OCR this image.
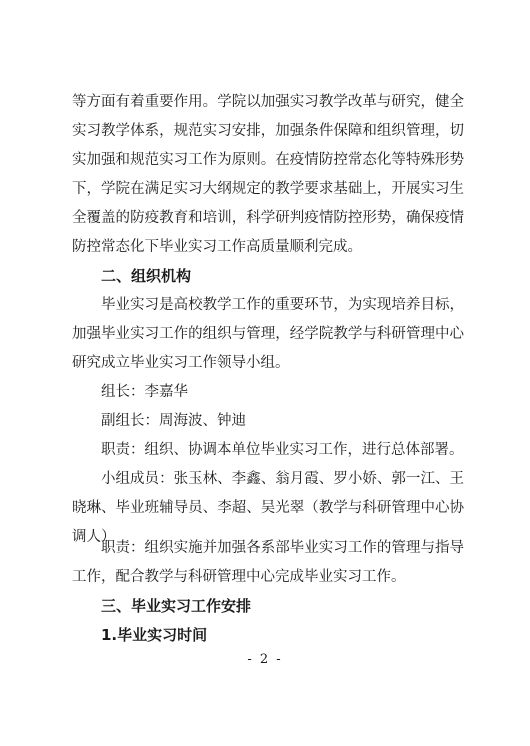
等方面有着重要作用。学院以加强实习教学改革与研究，健全实习教学体系，规范实习安排，加强条件保障和组织管理，切实加强和规范实习工作为原则。在疫情防控常态化等特殊形势下，学院在满足实习大纲规定的教学要求基础上，开展实习生全覆盖的防疫教育和培训，科学研判疫情防控形势，确保疫情防控常态化下毕业实习工作高质量顺利完成。

二、组织机构

毕业实习是高校教学工作的重要环节，为实现培养目标，加强毕业实习工作的组织与管理，经学院教学与科研管理中心研究成立毕业实习工作领导小组。

组长：李嘉华

副组长：周海波、钟迪

职责：组织、协调本单位毕业实习工作，进行总体部署。

小组成员：张玉林、李鑫、翁月霞、罗小娇、郭一江、王晓琳、毕业班辅导员、李超、吴光翠（教学与科研管理中心协调人）

职责：组织实施并加强各系部毕业实习工作的管理与指导工作，配合教学与科研管理中心完成毕业实习工作。

三、毕业实习工作安排

1.毕业实习时间

- 2 -
